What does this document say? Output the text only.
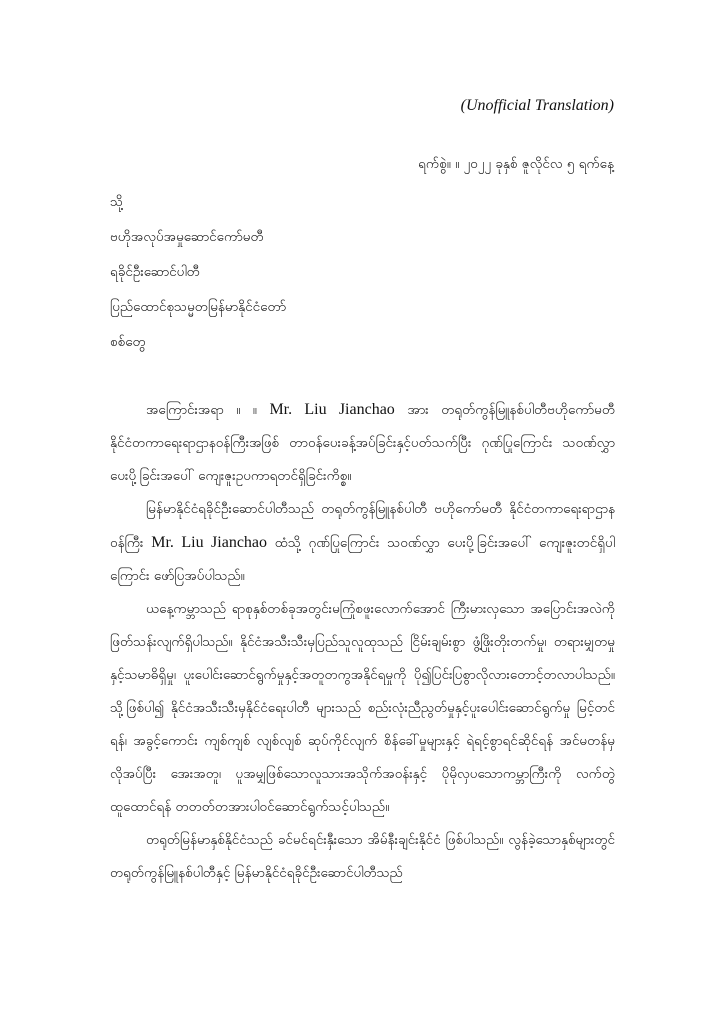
(Unofficial Translation)
ရက်စွဲ။ ။ ၂၀၂၂ ခုနှစ် ဇူလိုင်လ ၅ ရက်နေ့
သို့
ဗဟိုအလုပ်အမှုဆောင်ကော်မတီ
ရခိုင်ဦးဆောင်ပါတီ
ပြည်ထောင်စုသမ္မတမြန်မာနိုင်ငံတော်
စစ်တွေ

အကြောင်းအရာ ။ ။ Mr. Liu Jianchao အား တရုတ်ကွန်မြူနစ်ပါတီဗဟိုကော်မတီ နိုင်ငံတကာရေးရာဌာနဝန်ကြီးအဖြစ် တာဝန်ပေးခန့်အပ်ခြင်းနှင့်ပတ်သက်ပြီး ဂုဏ်ပြုကြောင်း သဝဏ်လွှာပေးပို့ခြင်းအပေါ် ကျေးဇူးဥပကာရတင်ရှိခြင်းကိစ္စ။

မြန်မာနိုင်ငံရခိုင်ဦးဆောင်ပါတီသည် တရုတ်ကွန်မြူနစ်ပါတီ ဗဟိုကော်မတီ နိုင်ငံတကာရေးရာဌာနဝန်ကြီး Mr. Liu Jianchao ထံသို့ ဂုဏ်ပြုကြောင်း သဝဏ်လွှာ ပေးပို့ခြင်းအပေါ် ကျေးဇူးတင်ရှိပါကြောင်း ဖော်ပြအပ်ပါသည်။

ယနေ့ကမ္ဘာသည် ရာစုနှစ်တစ်ခုအတွင်းမကြုံစဖူးလောက်အောင် ကြီးမားလှသော အပြောင်းအလဲကို ဖြတ်သန်းလျက်ရှိပါသည်။ နိုင်ငံအသီးသီးမှပြည်သူလူထုသည် ငြိမ်းချမ်းစွာ ဖွံ့ဖြိုးတိုးတက်မှု၊ တရားမျှတမှုနှင့်သမာဓိရှိမှု၊ ပူးပေါင်းဆောင်ရွက်မှုနှင့်အတူတကွအနိုင်ရမှုကို ပို၍ပြင်းပြစွာလိုလားတောင့်တလာပါသည်။ သို့ဖြစ်ပါ၍ နိုင်ငံအသီးသီးမှနိုင်ငံရေးပါတီ များသည် စည်းလုံးညီညွတ်မှုနှင့်ပူးပေါင်းဆောင်ရွက်မှု မြင့်တင်ရန်၊ အခွင့်ကောင်း ကျစ်ကျစ် လျစ်လျစ် ဆုပ်ကိုင်လျက် စိန်ခေါ်မှုများနှင့် ရဲရင့်စွာရင်ဆိုင်ရန် အင်မတန်မှလိုအပ်ပြီး အေးအတူ၊ ပူအမျှဖြစ်သောလူသားအသိုက်အဝန်းနှင့် ပိုမိုလှပသောကမ္ဘာကြီးကို လက်တွဲ ထူထောင်ရန် တတတ်တအားပါဝင်ဆောင်ရွက်သင့်ပါသည်။

တရုတ်မြန်မာနှစ်နိုင်ငံသည် ခင်မင်ရင်းနှီးသော အိမ်နီးချင်းနိုင်ငံ ဖြစ်ပါသည်။ လွန်ခဲ့သောနှစ်များတွင် တရုတ်ကွန်မြူနစ်ပါတီနှင့် မြန်မာနိုင်ငံရခိုင်ဦးဆောင်ပါတီသည်
